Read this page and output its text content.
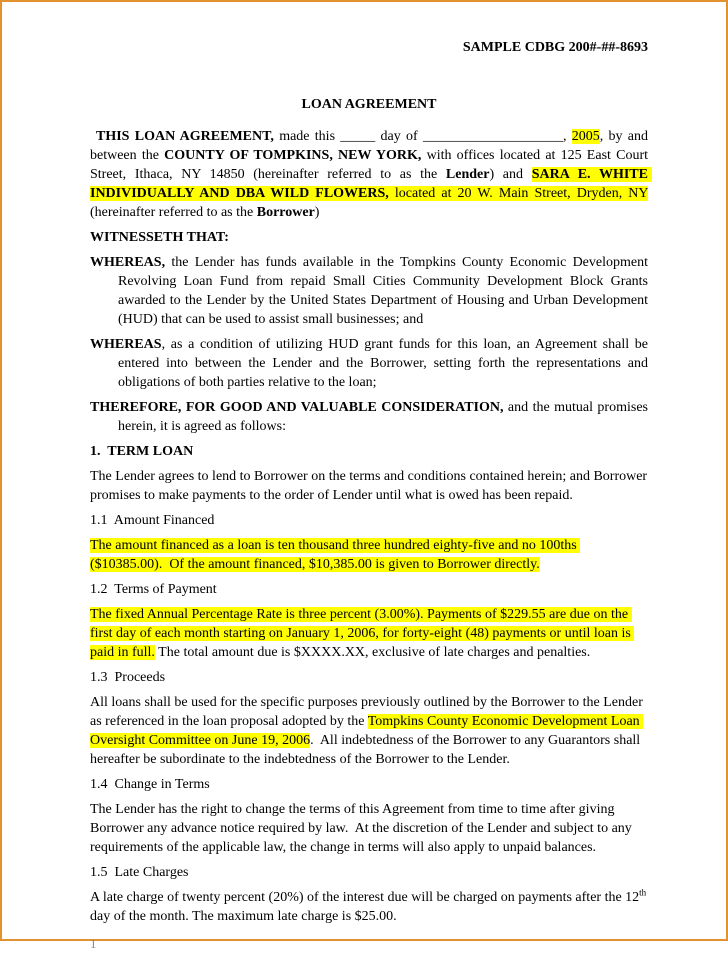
SAMPLE CDBG 200#-##-8693
LOAN AGREEMENT

THIS LOAN AGREEMENT, made this _____ day of ____________________, 2005, by and between the COUNTY OF TOMPKINS, NEW YORK, with offices located at 125 East Court Street, Ithaca, NY 14850 (hereinafter referred to as the Lender) and SARA E. WHITE INDIVIDUALLY AND DBA WILD FLOWERS, located at 20 W. Main Street, Dryden, NY (hereinafter referred to as the Borrower)

WITNESSETH THAT:

WHEREAS, the Lender has funds available in the Tompkins County Economic Development Revolving Loan Fund from repaid Small Cities Community Development Block Grants awarded to the Lender by the United States Department of Housing and Urban Development (HUD) that can be used to assist small businesses; and

WHEREAS, as a condition of utilizing HUD grant funds for this loan, an Agreement shall be entered into between the Lender and the Borrower, setting forth the representations and obligations of both parties relative to the loan;

THEREFORE, FOR GOOD AND VALUABLE CONSIDERATION, and the mutual promises herein, it is agreed as follows:

1.  TERM LOAN

The Lender agrees to lend to Borrower on the terms and conditions contained herein; and Borrower promises to make payments to the order of Lender until what is owed has been repaid.

1.1  Amount Financed

The amount financed as a loan is ten thousand three hundred eighty-five and no 100ths ($10385.00).  Of the amount financed, $10,385.00 is given to Borrower directly.

1.2  Terms of Payment

The fixed Annual Percentage Rate is three percent (3.00%). Payments of $229.55 are due on the first day of each month starting on January 1, 2006, for forty-eight (48) payments or until loan is paid in full. The total amount due is $XXXX.XX, exclusive of late charges and penalties.

1.3  Proceeds

All loans shall be used for the specific purposes previously outlined by the Borrower to the Lender as referenced in the loan proposal adopted by the Tompkins County Economic Development Loan Oversight Committee on June 19, 2006.  All indebtedness of the Borrower to any Guarantors shall hereafter be subordinate to the indebtedness of the Borrower to the Lender.

1.4  Change in Terms

The Lender has the right to change the terms of this Agreement from time to time after giving Borrower any advance notice required by law.  At the discretion of the Lender and subject to any requirements of the applicable law, the change in terms will also apply to unpaid balances.

1.5  Late Charges

A late charge of twenty percent (20%) of the interest due will be charged on payments after the 12th day of the month. The maximum late charge is $25.00.

1
